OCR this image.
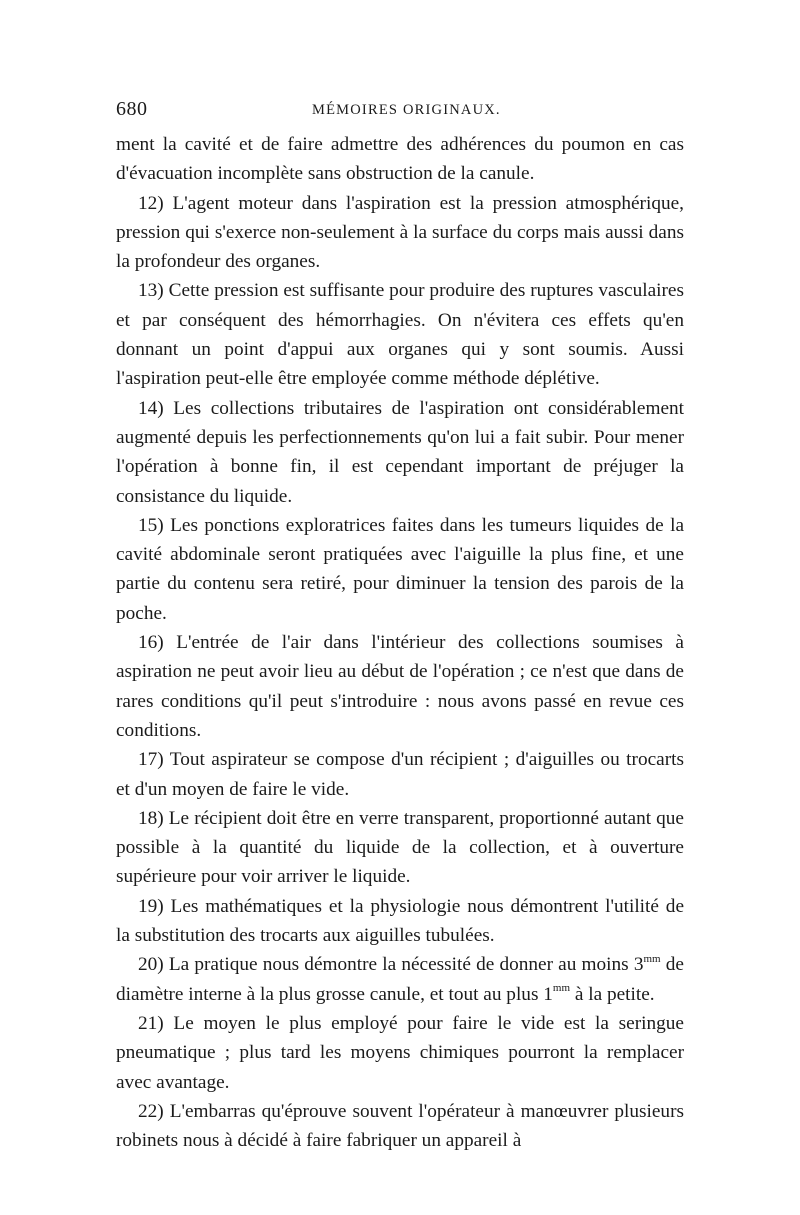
680	MÉMOIRES ORIGINAUX.

ment la cavité et de faire admettre des adhérences du poumon en cas d'évacuation incomplète sans obstruction de la canule.

12) L'agent moteur dans l'aspiration est la pression atmosphérique, pression qui s'exerce non-seulement à la surface du corps mais aussi dans la profondeur des organes.

13) Cette pression est suffisante pour produire des ruptures vasculaires et par conséquent des hémorrhagies. On n'évitera ces effets qu'en donnant un point d'appui aux organes qui y sont soumis. Aussi l'aspiration peut-elle être employée comme méthode déplétive.

14) Les collections tributaires de l'aspiration ont considérablement augmenté depuis les perfectionnements qu'on lui a fait subir. Pour mener l'opération à bonne fin, il est cependant important de préjuger la consistance du liquide.

15) Les ponctions exploratrices faites dans les tumeurs liquides de la cavité abdominale seront pratiquées avec l'aiguille la plus fine, et une partie du contenu sera retiré, pour diminuer la tension des parois de la poche.

16) L'entrée de l'air dans l'intérieur des collections soumises à aspiration ne peut avoir lieu au début de l'opération ; ce n'est que dans de rares conditions qu'il peut s'introduire : nous avons passé en revue ces conditions.

17) Tout aspirateur se compose d'un récipient ; d'aiguilles ou trocarts et d'un moyen de faire le vide.

18) Le récipient doit être en verre transparent, proportionné autant que possible à la quantité du liquide de la collection, et à ouverture supérieure pour voir arriver le liquide.

19) Les mathématiques et la physiologie nous démontrent l'utilité de la substitution des trocarts aux aiguilles tubulées.

20) La pratique nous démontre la nécessité de donner au moins $3^{mm}$ de diamètre interne à la plus grosse canule, et tout au plus $1^{mm}$ à la petite.

21) Le moyen le plus employé pour faire le vide est la seringue pneumatique ; plus tard les moyens chimiques pourront la remplacer avec avantage.

22) L'embarras qu'éprouve souvent l'opérateur à manœuvrer plusieurs robinets nous à décidé à faire fabriquer un appareil à
